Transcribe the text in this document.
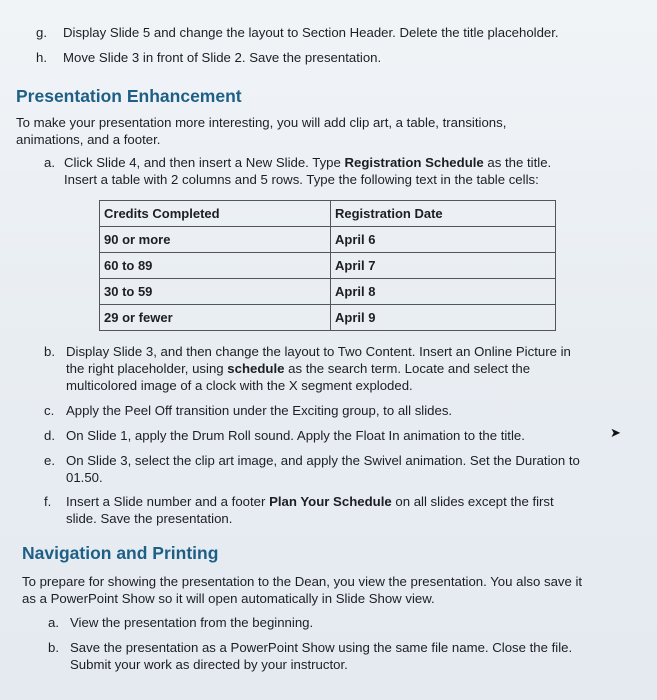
g. Display Slide 5 and change the layout to Section Header. Delete the title placeholder.
h. Move Slide 3 in front of Slide 2. Save the presentation.
Presentation Enhancement
To make your presentation more interesting, you will add clip art, a table, transitions,
animations, and a footer.
a. Click Slide 4, and then insert a New Slide. Type Registration Schedule as the title.
Insert a table with 2 columns and 5 rows. Type the following text in the table cells:
Credits Completed	Registration Date
90 or more	April 6
60 to 89	April 7
30 to 59	April 8
29 or fewer	April 9
b. Display Slide 3, and then change the layout to Two Content. Insert an Online Picture in
the right placeholder, using schedule as the search term. Locate and select the
multicolored image of a clock with the X segment exploded.
c. Apply the Peel Off transition under the Exciting group, to all slides.
d. On Slide 1, apply the Drum Roll sound. Apply the Float In animation to the title.	➤
e. On Slide 3, select the clip art image, and apply the Swivel animation. Set the Duration to
01.50.
f. Insert a Slide number and a footer Plan Your Schedule on all slides except the first
slide. Save the presentation.
Navigation and Printing
To prepare for showing the presentation to the Dean, you view the presentation. You also save it
as a PowerPoint Show so it will open automatically in Slide Show view.
a. View the presentation from the beginning.
b. Save the presentation as a PowerPoint Show using the same file name. Close the file.
Submit your work as directed by your instructor.
